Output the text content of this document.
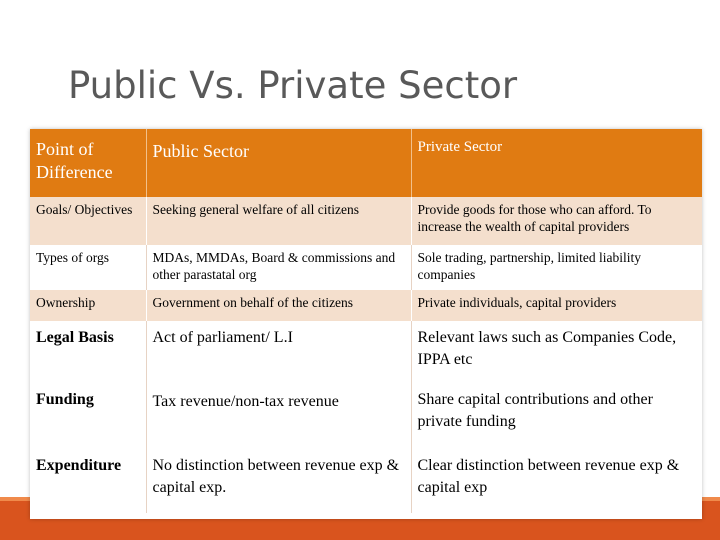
Public Vs. Private Sector
Point of Difference	Public Sector	Private Sector
Goals/ Objectives	Seeking general welfare of all citizens	Provide goods for those who can afford. To increase the wealth of capital providers
Types of orgs	MDAs, MMDAs, Board & commissions and other parastatal org	Sole trading, partnership, limited liability companies
Ownership	Government on behalf of the citizens	Private individuals, capital providers
Legal Basis	Act of parliament/ L.I	Relevant laws such as Companies Code, IPPA etc
Funding	Tax revenue/non-tax revenue	Share capital contributions and other private funding
Expenditure	No distinction between revenue exp & capital exp.	Clear distinction between revenue exp & capital exp
